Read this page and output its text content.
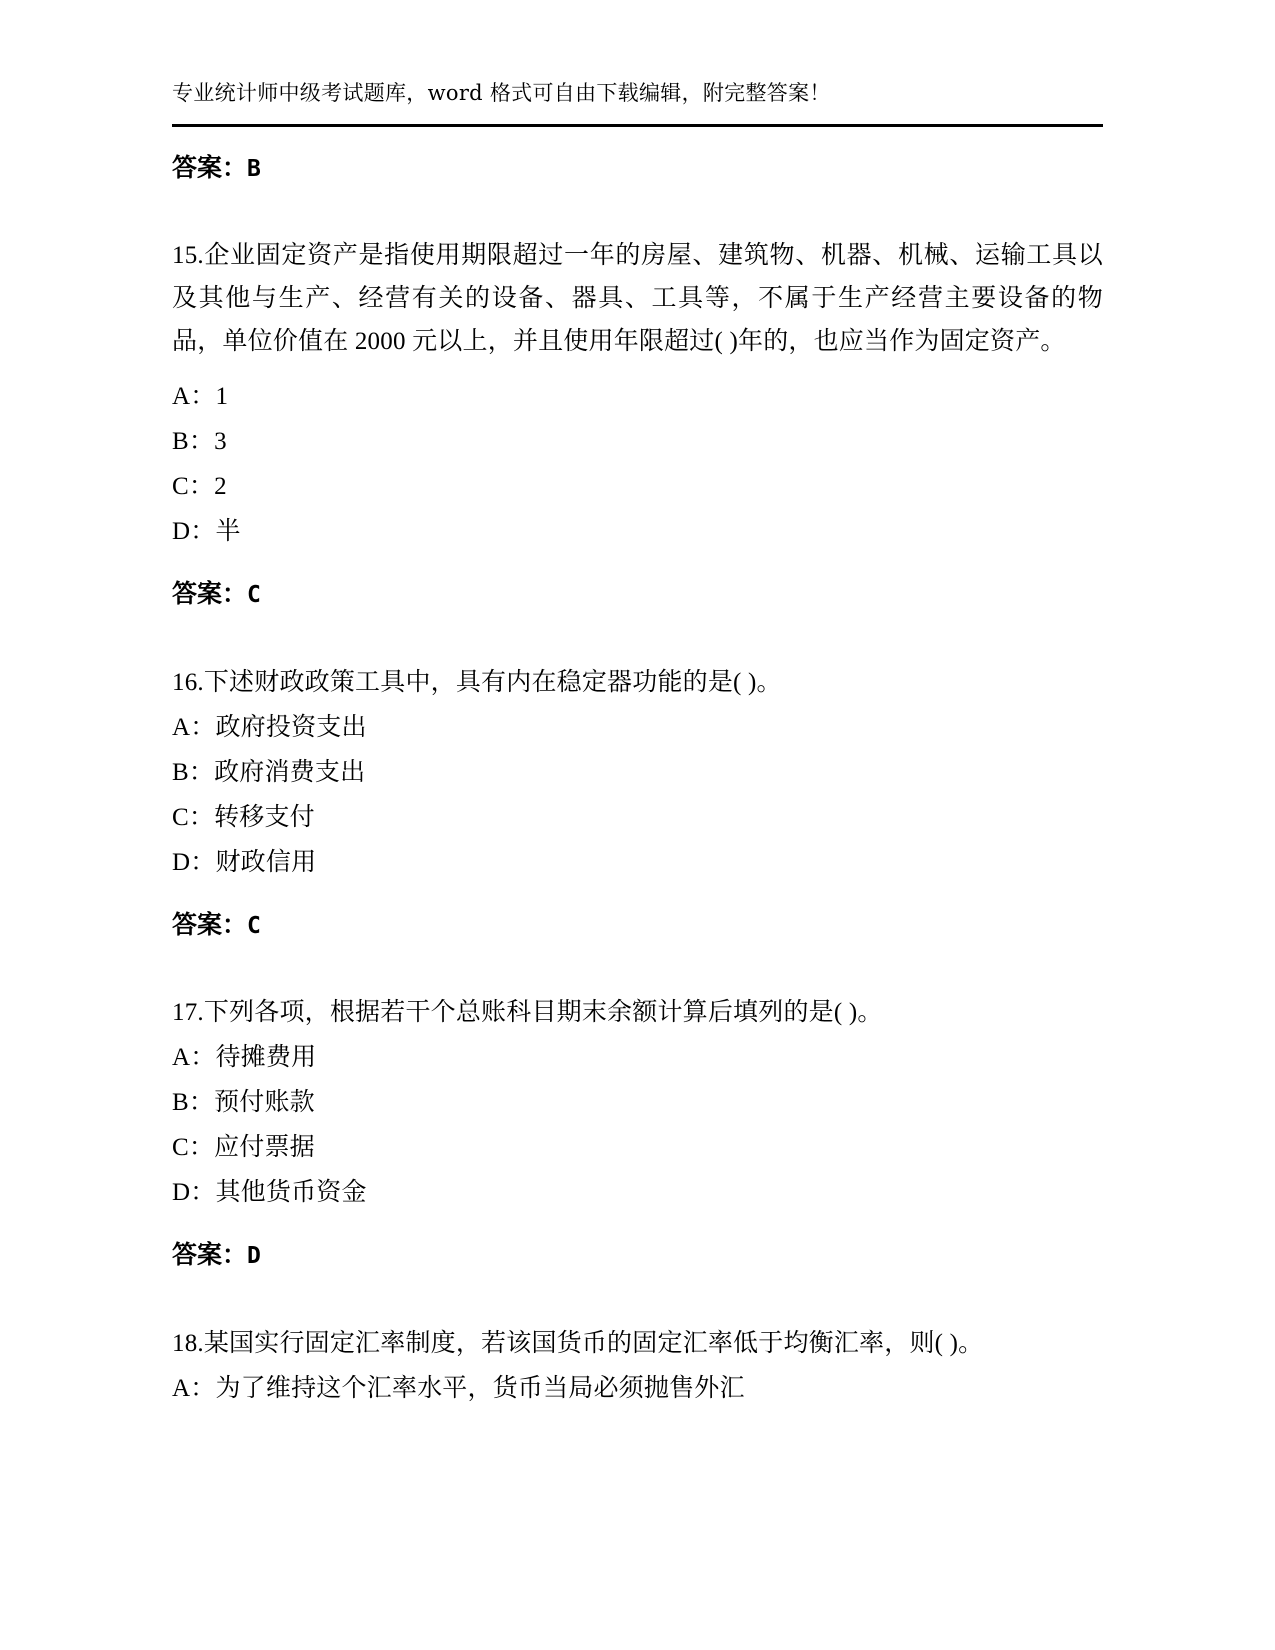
专业统计师中级考试题库，word 格式可自由下载编辑，附完整答案！
答案：B
15.企业固定资产是指使用期限超过一年的房屋、建筑物、机器、机械、运输工具以及其他与生产、经营有关的设备、器具、工具等，不属于生产经营主要设备的物品，单位价值在 2000 元以上，并且使用年限超过( )年的，也应当作为固定资产。
A：1
B：3
C：2
D：半
答案：C
16.下述财政政策工具中，具有内在稳定器功能的是( )。
A：政府投资支出
B：政府消费支出
C：转移支付
D：财政信用
答案：C
17.下列各项，根据若干个总账科目期末余额计算后填列的是( )。
A：待摊费用
B：预付账款
C：应付票据
D：其他货币资金
答案：D
18.某国实行固定汇率制度，若该国货币的固定汇率低于均衡汇率，则( )。
A：为了维持这个汇率水平，货币当局必须抛售外汇
